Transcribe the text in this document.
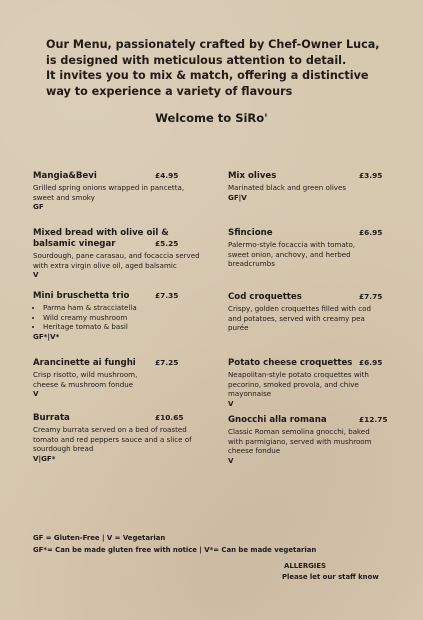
Our Menu, passionately crafted by Chef-Owner Luca,
is designed with meticulous attention to detail.
It invites you to mix & match, offering a distinctive
way to experience a variety of flavours
Welcome to SiRo'
Mangia&Bevi	£4.95
Grilled spring onions wrapped in pancetta, sweet and smoky
GF
Mixed bread with olive oil & balsamic vinegar	£5.25
Sourdough, pane carasau, and focaccia served with extra virgin olive oil, aged balsamic
V
Mini bruschetta trio	£7.35
• Parma ham & stracciatella
• Wild creamy mushroom
• Heritage tomato & basil
GF*|V*
Arancinette ai funghi	£7.25
Crisp risotto, wild mushroom, cheese & mushroom fondue
V
Burrata	£10.65
Creamy burrata served on a bed of roasted tomato and red peppers sauce and a slice of sourdough bread
V|GF*
Mix olives	£3.95
Marinated black and green olives
GF|V
Sfincione	£6.95
Palermo-style focaccia with tomato, sweet onion, anchovy, and herbed breadcrumbs
Cod croquettes	£7.75
Crispy, golden croquettes filled with cod and potatoes, served with creamy pea purée
Potato cheese croquettes £6.95
Neapolitan-style potato croquettes with pecorino, smoked provola, and chive mayonnaise
V
Gnocchi alla romana	£12.75
Classic Roman semolina gnocchi, baked with parmigiano, served with mushroom cheese fondue
V
GF = Gluten-Free | V = Vegetarian
GF*= Can be made gluten free with notice | V*= Can be made vegetarian
ALLERGIES
Please let our staff know
